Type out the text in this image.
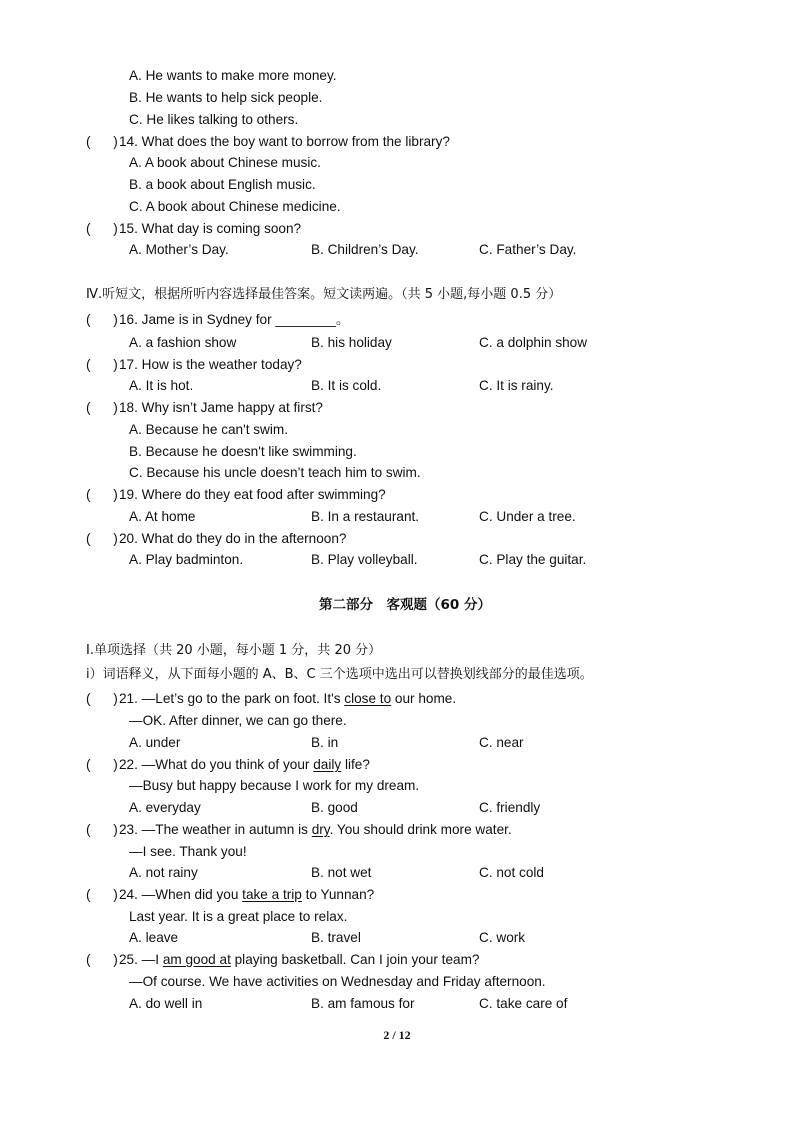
A. He wants to make more money.
B. He wants to help sick people.
C. He likes talking to others.
(      ) 14. What does the boy want to borrow from the library?
A. A book about Chinese music.
B. a book about English music.
C. A book about Chinese medicine.
(      ) 15. What day is coming soon?
A. Mother’s Day.	B. Children’s Day.	C. Father’s Day.
Ⅳ.听短文，根据所听内容选择最佳答案。短文读两遍。（共 5 小题,每小题 0.5 分）
(      ) 16. Jame is in Sydney for ________。
A. a fashion show	B. his holiday	C. a dolphin show
(      ) 17. How is the weather today?
A. It is hot.	B. It is cold.	C. It is rainy.
(      ) 18. Why isn’t Jame happy at first?
A. Because he can't swim.
B. Because he doesn't like swimming.
C. Because his uncle doesn’t teach him to swim.
(      ) 19. Where do they eat food after swimming?
A. At home	B. In a restaurant.	C. Under a tree.
(      ) 20. What do they do in the afternoon?
A. Play badminton.	B. Play volleyball.	C. Play the guitar.
第二部分　客观题（60 分）
Ⅰ.单项选择（共 20 小题，每小题 1 分，共 20 分）
ⅰ）词语释义，从下面每小题的 A、B、C 三个选项中选出可以替换划线部分的最佳选项。
(      ) 21. —Let’s go to the park on foot. It's close to our home.
—OK. After dinner, we can go there.
A. under	B. in	C. near
(      ) 22. —What do you think of your daily life?
—Busy but happy because I work for my dream.
A. everyday	B. good	C. friendly
(      ) 23. —The weather in autumn is dry. You should drink more water.
—I see. Thank you!
A. not rainy	B. not wet	C. not cold
(      ) 24. —When did you take a trip to Yunnan?
Last year. It is a great place to relax.
A. leave	B. travel	C. work
(      ) 25. —I am good at playing basketball. Can I join your team?
—Of course. We have activities on Wednesday and Friday afternoon.
A. do well in	B. am famous for	C. take care of
2 / 12
